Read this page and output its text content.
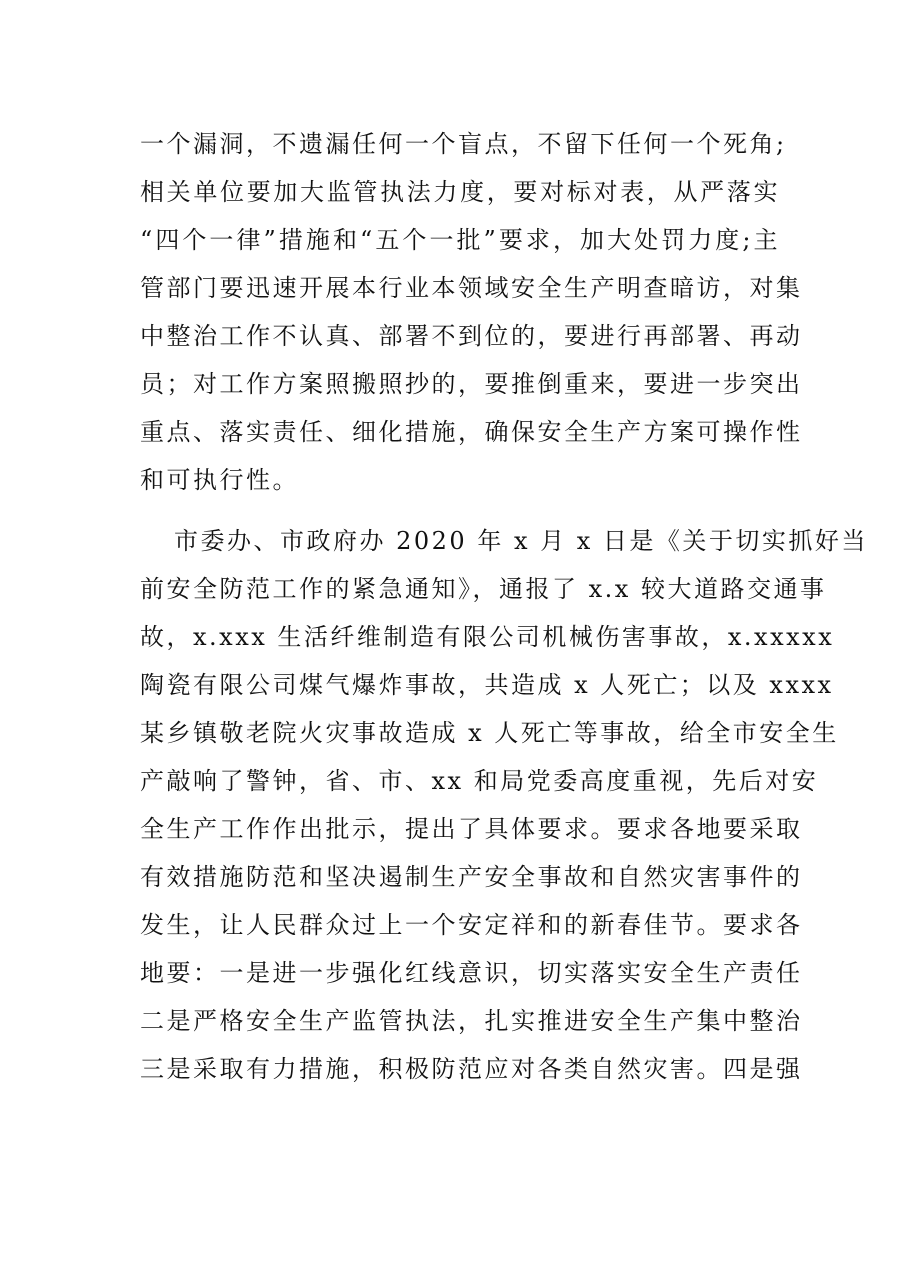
一个漏洞，不遗漏任何一个盲点，不留下任何一个死角;
相关单位要加大监管执法力度，要对标对表，从严落实
“四个一律”措施和“五个一批”要求，加大处罚力度;主
管部门要迅速开展本行业本领域安全生产明查暗访，对集
中整治工作不认真、部署不到位的，要进行再部署、再动
员；对工作方案照搬照抄的，要推倒重来，要进一步突出
重点、落实责任、细化措施，确保安全生产方案可操作性
和可执行性。
市委办、市政府办 2020 年 x 月 x 日是《关于切实抓好当
前安全防范工作的紧急通知》，通报了 x.x 较大道路交通事
故，x.xxx 生活纤维制造有限公司机械伤害事故，x.xxxxx
陶瓷有限公司煤气爆炸事故，共造成 x 人死亡；以及 xxxx
某乡镇敬老院火灾事故造成 x 人死亡等事故，给全市安全生
产敲响了警钟，省、市、xx 和局党委高度重视，先后对安
全生产工作作出批示，提出了具体要求。要求各地要采取
有效措施防范和坚决遏制生产安全事故和自然灾害事件的
发生，让人民群众过上一个安定祥和的新春佳节。要求各
地要：一是进一步强化红线意识，切实落实安全生产责任
二是严格安全生产监管执法，扎实推进安全生产集中整治
三是采取有力措施，积极防范应对各类自然灾害。四是强
